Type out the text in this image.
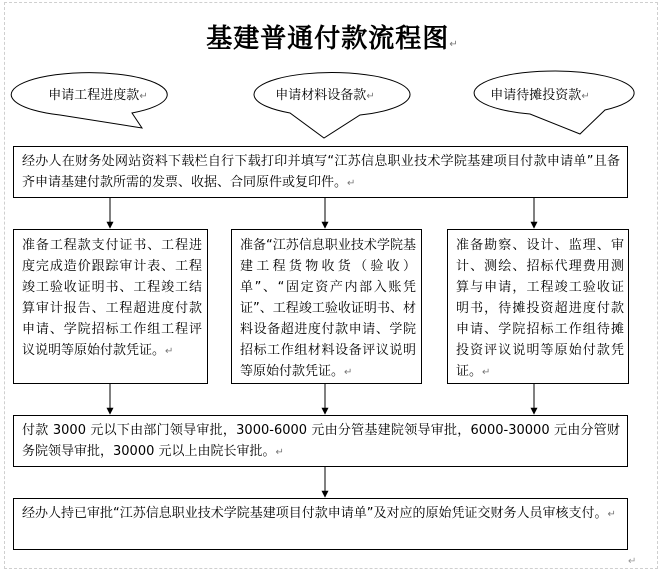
↵
基建普通付款流程图↵
申请工程进度款↵	申请材料设备款↵	申请待摊投资款↵
经办人在财务处网站资料下载栏自行下载打印并填写“江苏信息职业技术学院基建项目付款申请单”且备齐申请基建付款所需的发票、收据、合同原件或复印件。↵
准备工程款支付证书、工程进度完成造价跟踪审计表、工程竣工验收证明书、工程竣工结算审计报告、工程超进度付款申请、学院招标工作组工程评议说明等原始付款凭证。↵
准备“江苏信息职业技术学院基建工程货物收货（验收）单”、“固定资产内部入账凭证”、工程竣工验收证明书、材料设备超进度付款申请、学院招标工作组材料设备评议说明等原始付款凭证。↵
准备勘察、设计、监理、审计、测绘、招标代理费用测算与申请，工程竣工验收证明书，待摊投资超进度付款申请、学院招标工作组待摊投资评议说明等原始付款凭证。↵
付款 3000 元以下由部门领导审批，3000-6000 元由分管基建院领导审批，6000-30000 元由分管财务院领导审批，30000 元以上由院长审批。↵
经办人持已审批“江苏信息职业技术学院基建项目付款申请单”及对应的原始凭证交财务人员审核支付。↵
